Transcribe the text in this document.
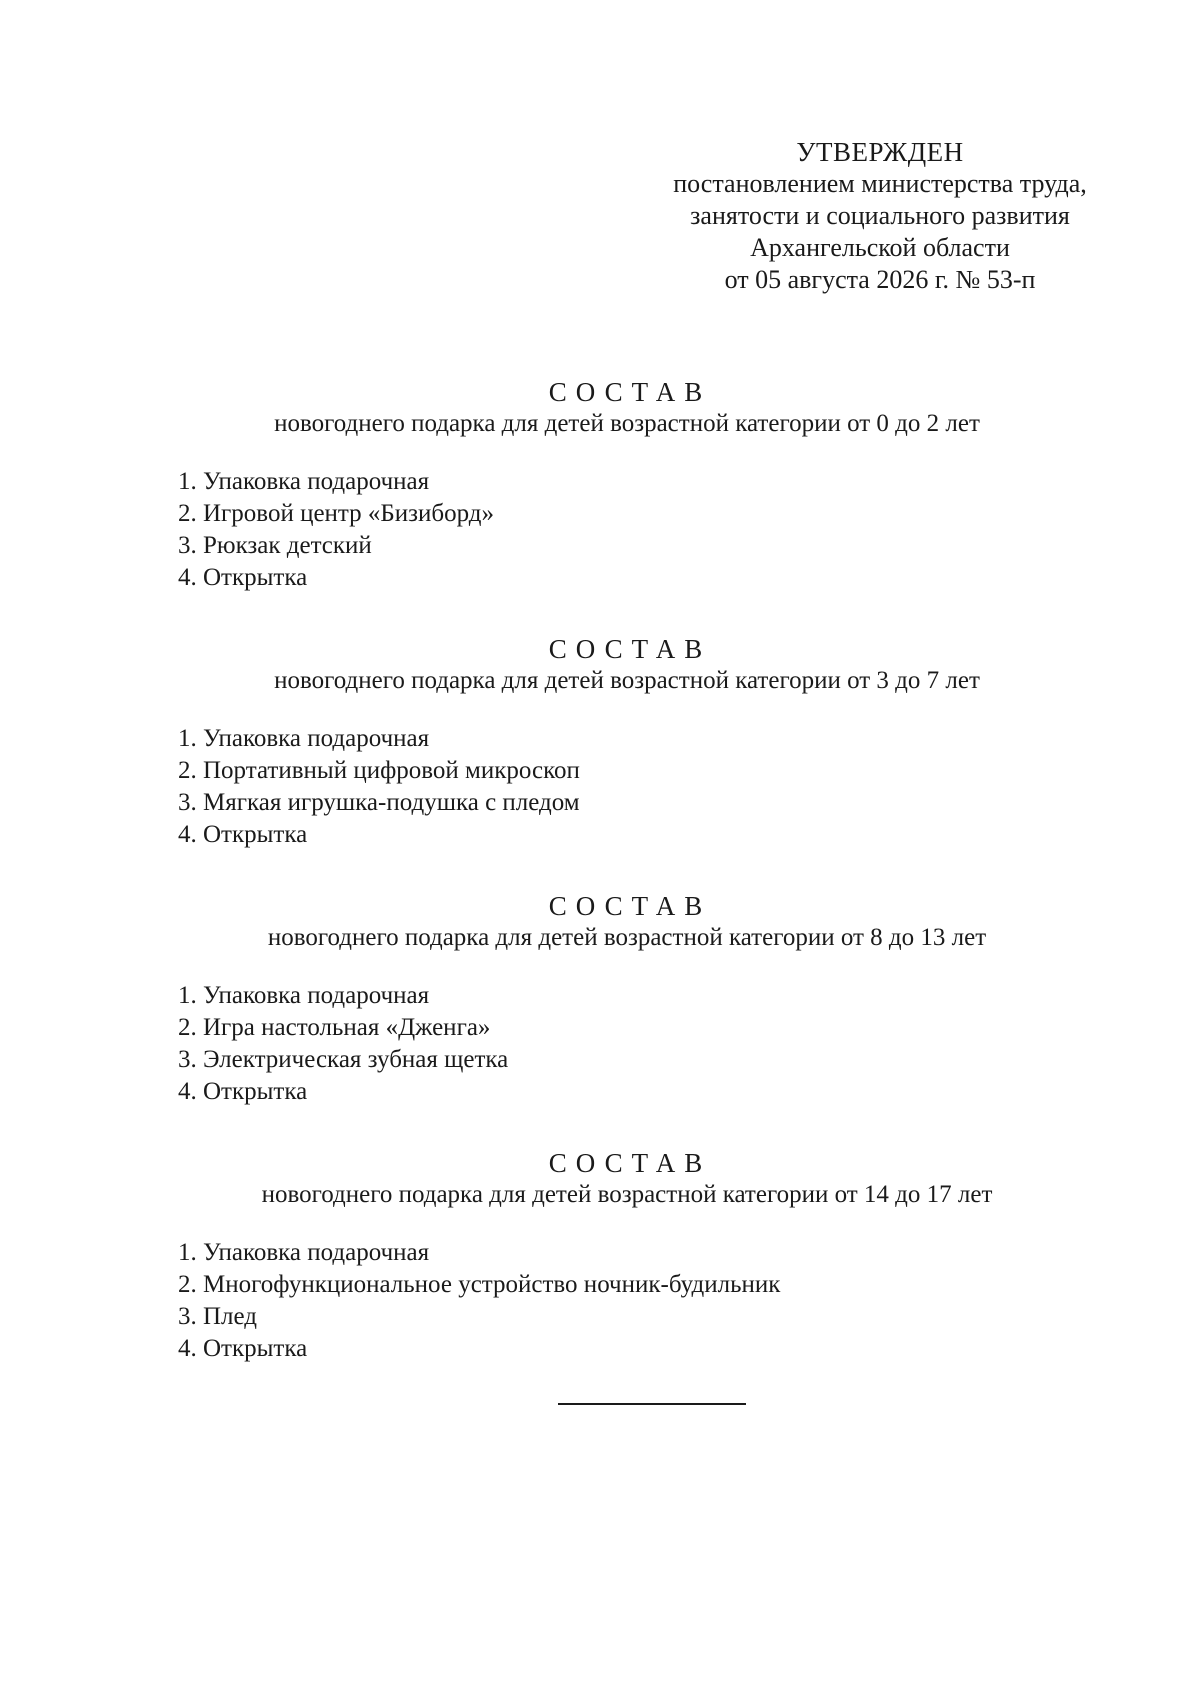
УТВЕРЖДЕН
постановлением министерства труда,
занятости и социального развития
Архангельской области
от 05 августа 2026 г. № 53-п
СОСТАВ
новогоднего подарка для детей возрастной категории от 0 до 2 лет
1. Упаковка подарочная
2. Игровой центр «Бизиборд»
3. Рюкзак детский
4. Открытка
СОСТАВ
новогоднего подарка для детей возрастной категории от 3 до 7 лет
1. Упаковка подарочная
2. Портативный цифровой микроскоп
3. Мягкая игрушка-подушка с пледом
4. Открытка
СОСТАВ
новогоднего подарка для детей возрастной категории от 8 до 13 лет
1. Упаковка подарочная
2. Игра настольная «Дженга»
3. Электрическая зубная щетка
4. Открытка
СОСТАВ
новогоднего подарка для детей возрастной категории от 14 до 17 лет
1. Упаковка подарочная
2. Многофункциональное устройство ночник-будильник
3. Плед
4. Открытка
